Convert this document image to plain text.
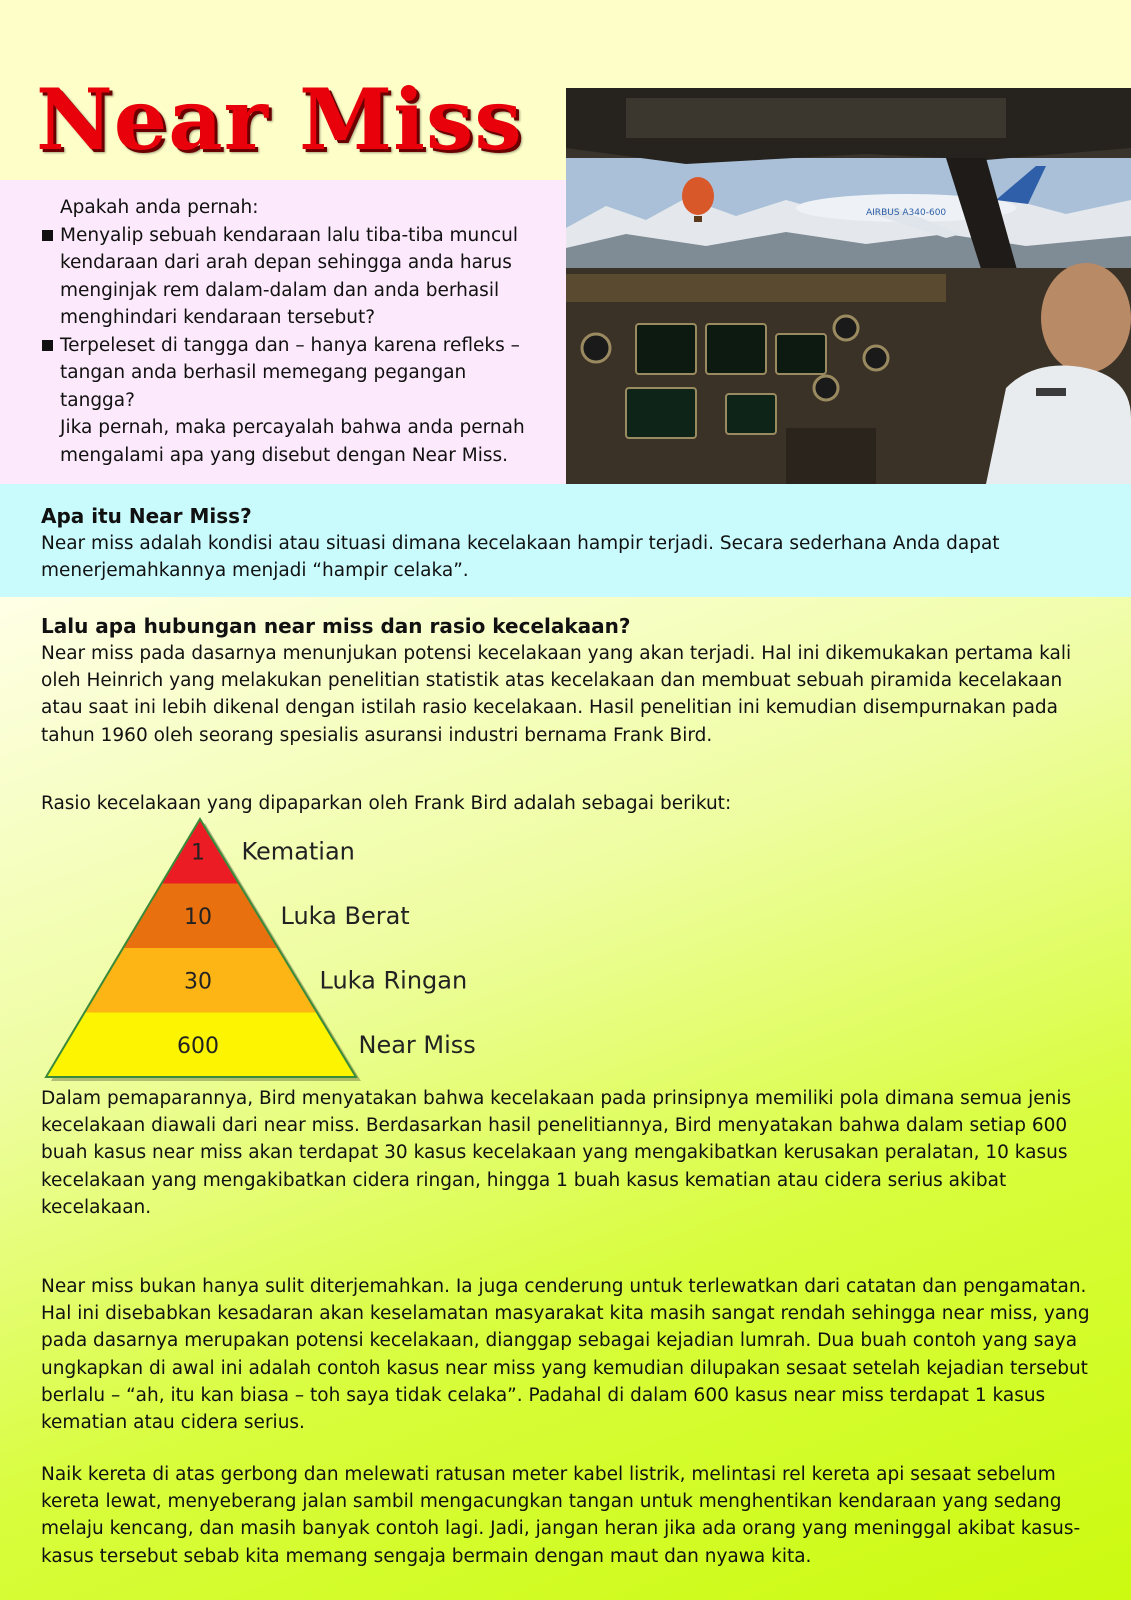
Near Miss

Apakah anda pernah:

Menyalip sebuah kendaraan lalu tiba-tiba muncul kendaraan dari arah depan sehingga anda harus menginjak rem dalam-dalam dan anda berhasil menghindari kendaraan tersebut?
Terpeleset di tangga dan – hanya karena refleks – tangan anda berhasil memegang pegangan tangga?

Jika pernah, maka percayalah bahwa anda pernah mengalami apa yang disebut dengan Near Miss.

AIRBUS A340-600
Apa itu Near Miss?

Near miss adalah kondisi atau situasi dimana kecelakaan hampir terjadi. Secara sederhana Anda dapat menerjemahkannya menjadi “hampir celaka”.

Lalu apa hubungan near miss dan rasio kecelakaan?

Near miss pada dasarnya menunjukan potensi kecelakaan yang akan terjadi. Hal ini dikemukakan pertama kali oleh Heinrich yang melakukan penelitian statistik atas kecelakaan dan membuat sebuah piramida kecelakaan atau saat ini lebih dikenal dengan istilah rasio kecelakaan. Hasil penelitian ini kemudian disempurnakan pada tahun 1960 oleh seorang spesialis asuransi industri bernama Frank Bird.

Rasio kecelakaan yang dipaparkan oleh Frank Bird adalah sebagai berikut:

1 Kematian
10	Luka Berat
30	Luka Ringan
600	Near Miss

Dalam pemaparannya, Bird menyatakan bahwa kecelakaan pada prinsipnya memiliki pola dimana semua jenis kecelakaan diawali dari near miss. Berdasarkan hasil penelitiannya, Bird menyatakan bahwa dalam setiap 600 buah kasus near miss akan terdapat 30 kasus kecelakaan yang mengakibatkan kerusakan peralatan, 10 kasus kecelakaan yang mengakibatkan cidera ringan, hingga 1 buah kasus kematian atau cidera serius akibat kecelakaan.

Near miss bukan hanya sulit diterjemahkan. Ia juga cenderung untuk terlewatkan dari catatan dan pengamatan. Hal ini disebabkan kesadaran akan keselamatan masyarakat kita masih sangat rendah sehingga near miss, yang pada dasarnya merupakan potensi kecelakaan, dianggap sebagai kejadian lumrah. Dua buah contoh yang saya ungkapkan di awal ini adalah contoh kasus near miss yang kemudian dilupakan sesaat setelah kejadian tersebut berlalu – “ah, itu kan biasa – toh saya tidak celaka”. Padahal di dalam 600 kasus near miss terdapat 1 kasus kematian atau cidera serius.

Naik kereta di atas gerbong dan melewati ratusan meter kabel listrik, melintasi rel kereta api sesaat sebelum kereta lewat, menyeberang jalan sambil mengacungkan tangan untuk menghentikan kendaraan yang sedang melaju kencang, dan masih banyak contoh lagi. Jadi, jangan heran jika ada orang yang meninggal akibat kasus-kasus tersebut sebab kita memang sengaja bermain dengan maut dan nyawa kita.
